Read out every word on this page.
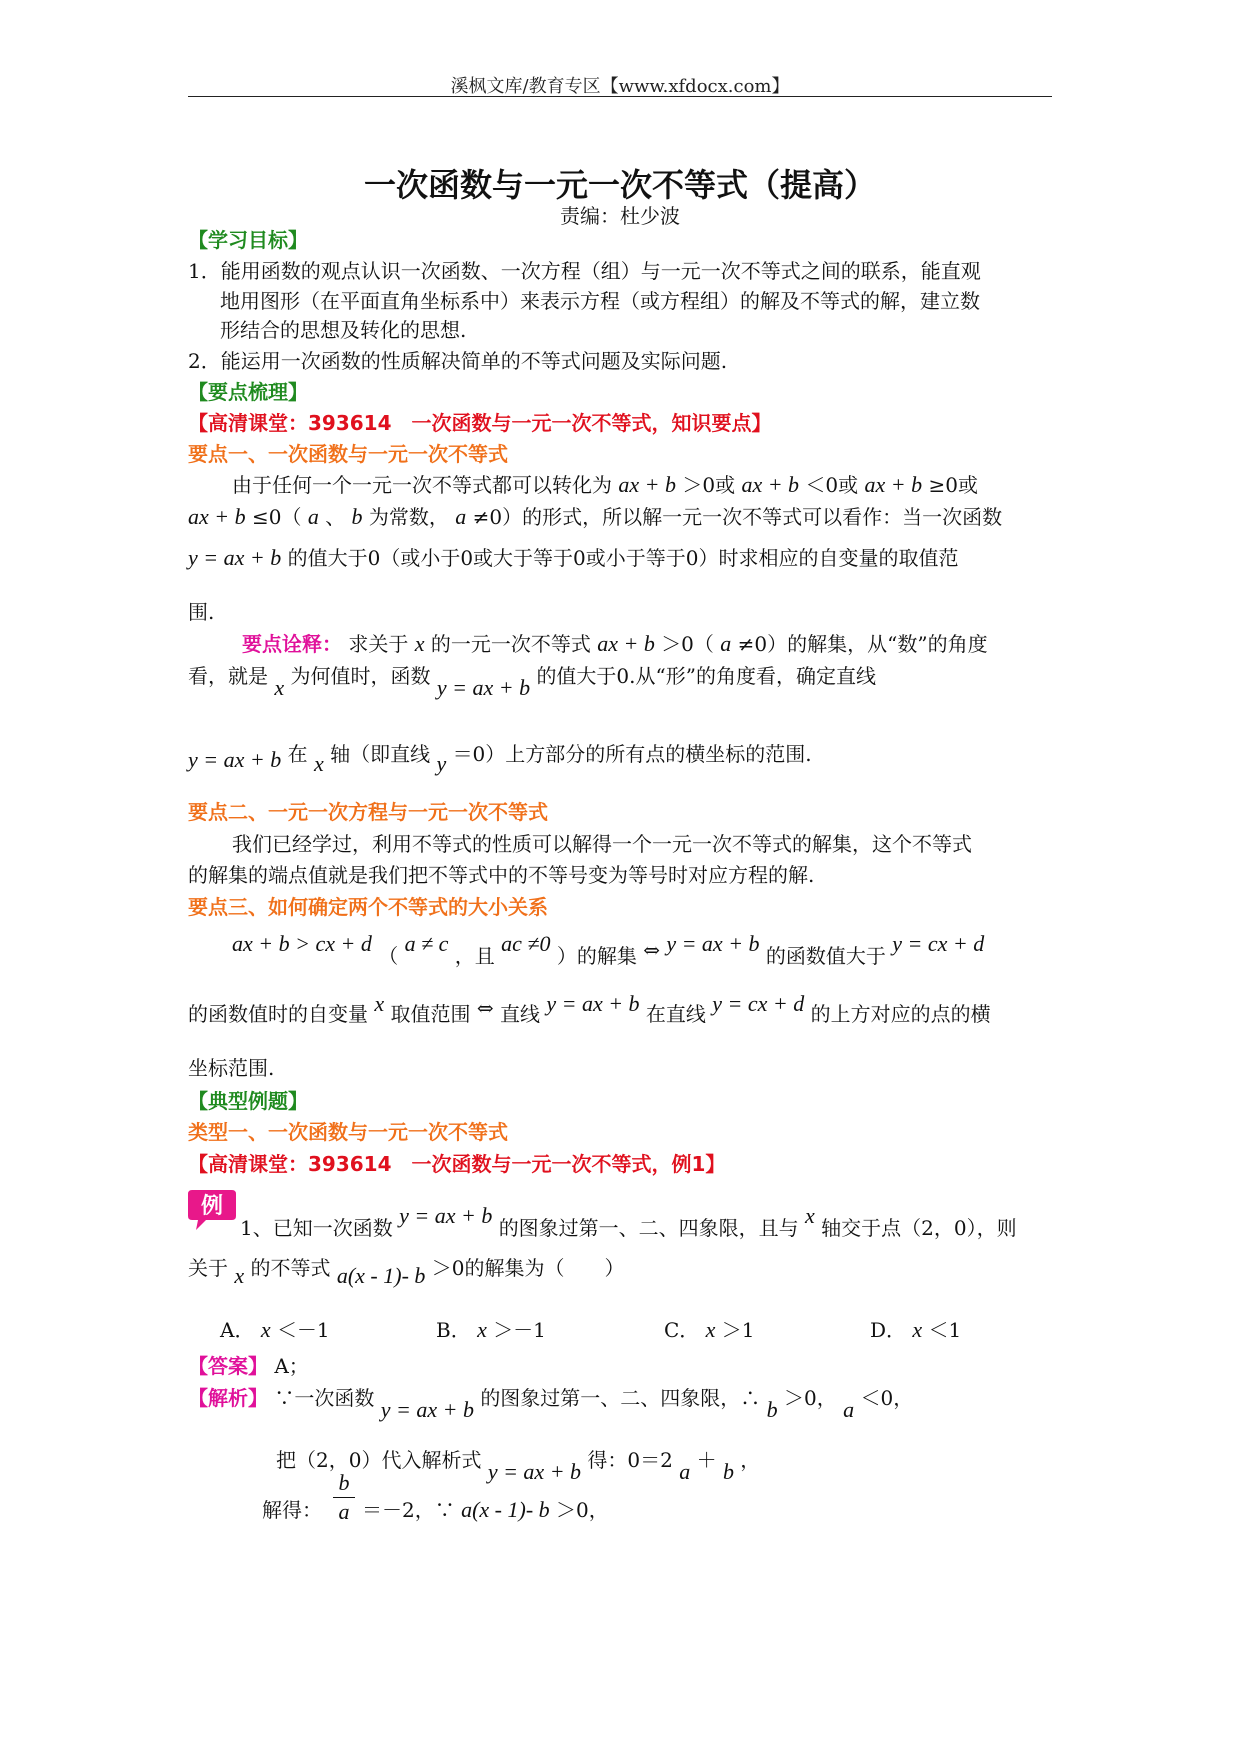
溪枫文库/教育专区【www.xfdocx.com】
一次函数与一元一次不等式（提高）
责编：杜少波
【学习目标】
1．能用函数的观点认识一次函数、一次方程（组）与一元一次不等式之间的联系，能直观
地用图形（在平面直角坐标系中）来表示方程（或方程组）的解及不等式的解，建立数
形结合的思想及转化的思想.
2．能运用一次函数的性质解决简单的不等式问题及实际问题.
【要点梳理】
【高清课堂：393614　一次函数与一元一次不等式，知识要点】
要点一、一次函数与一元一次不等式
由于任何一个一元一次不等式都可以转化为 ax + b ＞0或 ax + b ＜0或 ax + b ≥0或
ax + b ≤0（ a 、 b 为常数， a ≠0）的形式，所以解一元一次不等式可以看作：当一次函数
y = ax + b 的值大于0（或小于0或大于等于0或小于等于0）时求相应的自变量的取值范
围.
要点诠释： 求关于 x 的一元一次不等式 ax + b ＞0（ a ≠0）的解集，从“数”的角度
看，就是 x 为何值时，函数 y = ax + b 的值大于0.从“形”的角度看，确定直线
y = ax + b 在 x 轴（即直线 y ＝0）上方部分的所有点的横坐标的范围.
要点二、一元一次方程与一元一次不等式
我们已经学过，利用不等式的性质可以解得一个一元一次不等式的解集，这个不等式
的解集的端点值就是我们把不等式中的不等号变为等号时对应方程的解.
要点三、如何确定两个不等式的大小关系
ax + b > cx + d （ a ≠ c ，且 ac ≠0 ）的解集 ⇔ y = ax + b 的函数值大于 y = cx + d
的函数值时的自变量 x 取值范围 ⇔ 直线 y = ax + b 在直线 y = cx + d 的上方对应的点的横
坐标范围.
【典型例题】
类型一、一次函数与一元一次不等式
【高清课堂：393614　一次函数与一元一次不等式，例1】
例
1、已知一次函数 y = ax + b 的图象过第一、二、四象限，且与 x 轴交于点（2，0），则
关于 x 的不等式 a(x - 1)- b ＞0的解集为（　　）
A． x ＜－1	B． x ＞－1	C． x ＞1	D． x ＜1
【答案】 A；
【解析】 ∵一次函数 y = ax + b 的图象过第一、二、四象限，∴ b ＞0， a ＜0，
把（2，0）代入解析式 y = ax + b 得：0＝2 a ＋ b ，
解得：
b
a ＝－2，∵ a(x - 1)- b ＞0，
